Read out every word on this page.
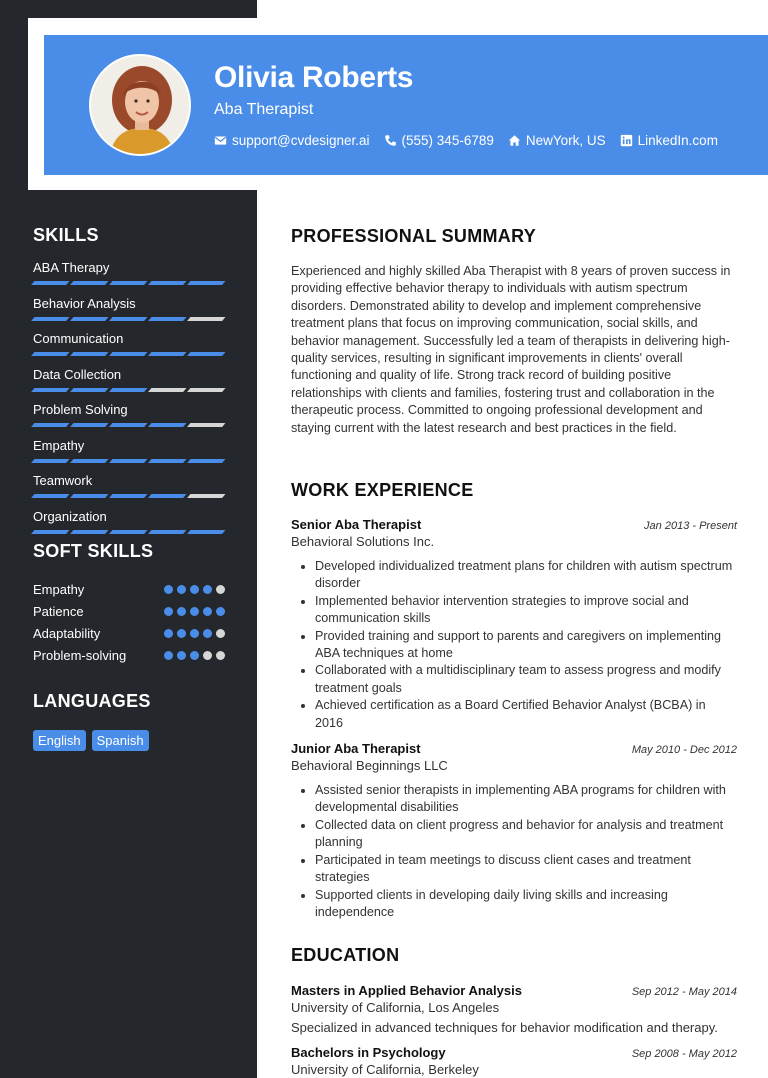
Olivia Roberts
Aba Therapist
support@cvdesigner.ai (555) 345-6789 NewYork, US LinkedIn.com
SKILLS
ABA Therapy
Behavior Analysis
Communication
Data Collection
Problem Solving
Empathy
Teamwork
Organization
SOFT SKILLS
Empathy
Patience
Adaptability
Problem-solving
LANGUAGES
English	Spanish
PROFESSIONAL SUMMARY
Experienced and highly skilled Aba Therapist with 8 years of proven success in providing effective behavior therapy to individuals with autism spectrum disorders. Demonstrated ability to develop and implement comprehensive treatment plans that focus on improving communication, social skills, and behavior management. Successfully led a team of therapists in delivering high-quality services, resulting in significant improvements in clients' overall functioning and quality of life. Strong track record of building positive relationships with clients and families, fostering trust and collaboration in the therapeutic process. Committed to ongoing professional development and staying current with the latest research and best practices in the field.
WORK EXPERIENCE
Senior Aba Therapist	Jan 2013 - Present
Behavioral Solutions Inc.
• Developed individualized treatment plans for children with autism spectrum disorder
• Implemented behavior intervention strategies to improve social and communication skills
• Provided training and support to parents and caregivers on implementing ABA techniques at home
• Collaborated with a multidisciplinary team to assess progress and modify treatment goals
• Achieved certification as a Board Certified Behavior Analyst (BCBA) in 2016
Junior Aba Therapist	May 2010 - Dec 2012
Behavioral Beginnings LLC
• Assisted senior therapists in implementing ABA programs for children with developmental disabilities
• Collected data on client progress and behavior for analysis and treatment planning
• Participated in team meetings to discuss client cases and treatment strategies
• Supported clients in developing daily living skills and increasing independence
EDUCATION
Masters in Applied Behavior Analysis	Sep 2012 - May 2014
University of California, Los Angeles
Specialized in advanced techniques for behavior modification and therapy.
Bachelors in Psychology	Sep 2008 - May 2012
University of California, Berkeley
